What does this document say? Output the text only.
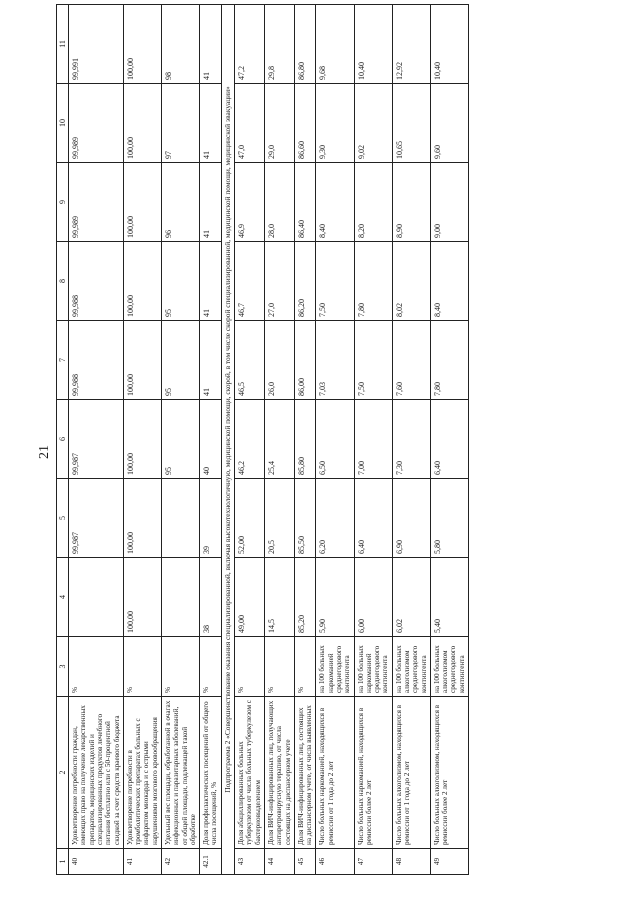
21
1	2	3	4	5	6	7	8	9	10	11
40	Удовлетворение потребности граждан, имеющих право на получение лекарственных препаратов, медицинских изделий и специализированных продуктов лечебного питания бесплатно или с 50-процентной скидкой за счет средств краевого бюджета	%		99,987	99,987	99,988	99,988	99,989	99,989	99,991
41	Удовлетворение потребности в тромболитических препаратах больных с инфарктом миокарда и с острыми нарушениями мозгового кровообращения	%	100,00	100,00	100,00	100,00	100,00	100,00	100,00	100,00
42	Удельный вес площади, обработанной в очагах инфекционных и паразитарных заболеваний, от общей площади, подлежащей такой обработке	%			95	95	95	96	97	98
42.1	Доля профилактических посещений от общего числа посещений, %	%	38	39	40	41	41	41	41	41
Подпрограмма 2 «Совершенствование оказания специализированной, включая высокотехнологичную, медицинской помощи, скорой, в том числе скорой специализированной, медицинской помощи, медицинской эвакуации»										
43	Доля абациллированных больных туберкулезом от числа больных туберкулезом с бактериовыделением	%	49,00	52,00	46,2	46,5	46,7	46,9	47,0	47,2
44	Доля ВИЧ-инфицированных лиц, получающих антиретровирусную терапию, от числа состоящих на диспансерном учете	%	14,5	20,5	25,4	26,0	27,0	28,0	29,0	29,8
45	Доля ВИЧ-инфицированных лиц, состоящих на диспансерном учете, от числа выявленных	%	85,20	85,50	85,80	86,00	86,20	86,40	86,60	86,80
46	Число больных наркоманией, находящихся в ремиссии от 1 года до 2 лет	на 100 больных наркоманией среднегодового контингента	5,90	6,20	6,50	7,03	7,50	8,40	9,30	9,68
47	Число больных наркоманией, находящихся в ремиссии более 2 лет	на 100 больных наркоманией среднегодового контингента	6,00	6,40	7,00	7,50	7,80	8,20	9,02	10,40
48	Число больных алкоголизмом, находящихся в ремиссии от 1 года до 2 лет	на 100 больных алкоголизмом среднегодового контингента	6,02	6,90	7,30	7,60	8,02	8,90	10,65	12,92
49	Число больных алкоголизмом, находящихся в ремиссии более 2 лет	на 100 больных алкоголизмом среднегодового контингента	5,40	5,80	6,40	7,80	8,40	9,00	9,60	10,40
